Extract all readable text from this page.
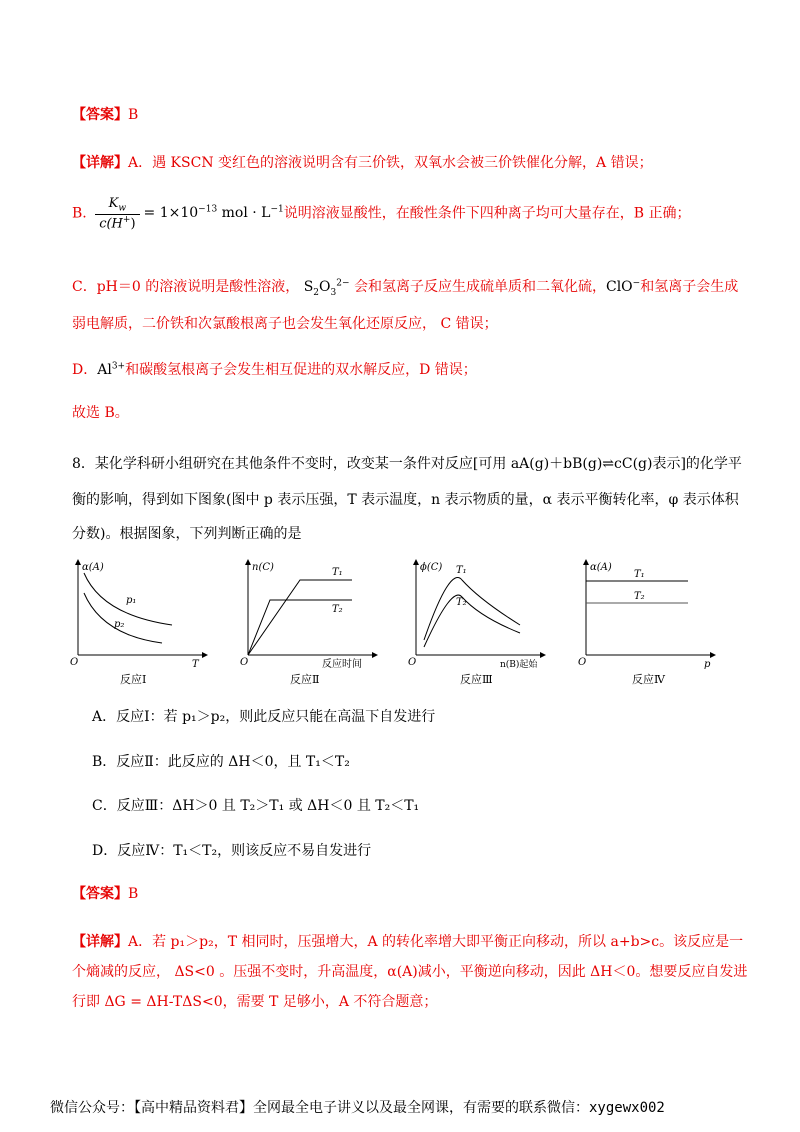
【答案】B
【详解】A．遇 KSCN 变红色的溶液说明含有三价铁，双氧水会被三价铁催化分解，A 错误；
B. $\frac{K_w}{c(H^+)} = 1\times 10^{-13}$ mol · $L^{-1}$说明溶液显酸性，在酸性条件下四种离子均可大量存在，B 正确；
C．pH＝0 的溶液说明是酸性溶液， $S_2O_3^{2-}$ 会和氢离子反应生成硫单质和二氧化硫，ClO−和氢离子会生成
弱电解质，二价铁和次氯酸根离子也会发生氧化还原反应， C 错误；
D．$Al^{3+}$和碳酸氢根离子会发生相互促进的双水解反应，D 错误；
故选 B。
8．某化学科研小组研究在其他条件不变时，改变某一条件对反应[可用 aA(g)＋bB(g)⇌cC(g)表示]的化学平
衡的影响，得到如下图象(图中 p 表示压强，T 表示温度，n 表示物质的量，α 表示平衡转化率，φ 表示体积
分数)。根据图象，下列判断正确的是
α(A)
T
O
p₁
p₂
反应Ⅰ
n(C)
反应时间
O
T₁
T₂
反应Ⅱ
ϕ(C)
n(B)起始
O
T₁
T₂
反应Ⅲ
α(A)
p
O
T₁
T₂
反应Ⅳ
A．反应Ⅰ：若 p₁＞p₂，则此反应只能在高温下自发进行
B．反应Ⅱ：此反应的 ΔH＜0，且 T₁＜T₂
C．反应Ⅲ：ΔH＞0 且 T₂＞T₁ 或 ΔH＜0 且 T₂＜T₁
D．反应Ⅳ：T₁＜T₂，则该反应不易自发进行
【答案】B
【详解】A．若 p₁＞p₂，T 相同时，压强增大，A 的转化率增大即平衡正向移动，所以 a+b>c。该反应是一
个熵减的反应， ΔS<0 。压强不变时，升高温度，α(A)减小，平衡逆向移动，因此 ΔH＜0。想要反应自发进
行即 ΔG = ΔH-TΔS<0，需要 T 足够小，A 不符合题意；
微信公众号：【高中精品资料君】全网最全电子讲义以及最全网课，有需要的联系微信：xygewx002
